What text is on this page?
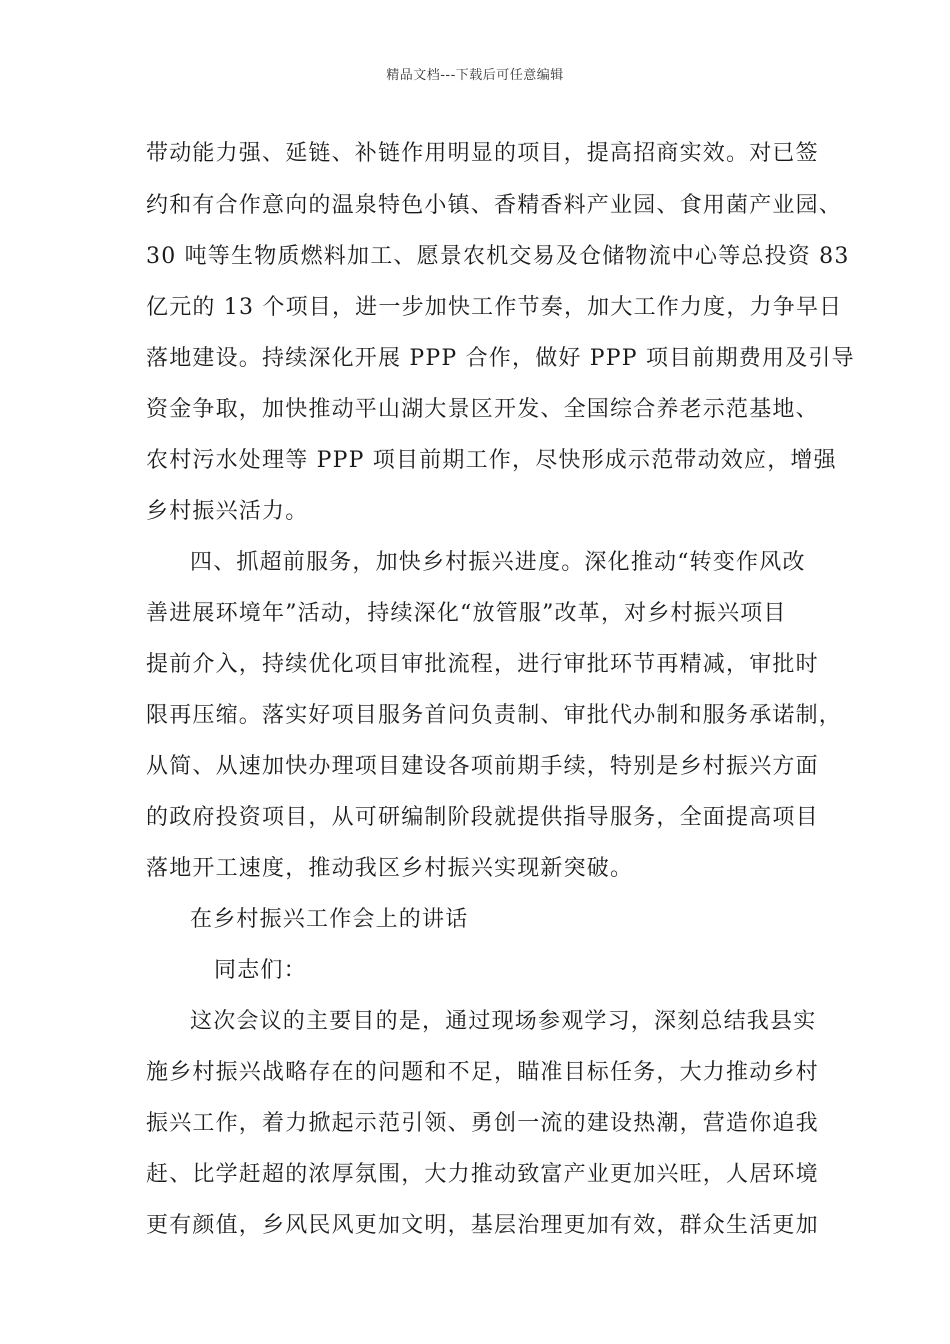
精品文档---下载后可任意编辑
带动能力强、延链、补链作用明显的项目，提高招商实效。对已签
约和有合作意向的温泉特色小镇、香精香料产业园、食用菌产业园、
30 吨等生物质燃料加工、愿景农机交易及仓储物流中心等总投资 83
亿元的 13 个项目，进一步加快工作节奏，加大工作力度，力争早日
落地建设。持续深化开展 PPP 合作，做好 PPP 项目前期费用及引导
资金争取，加快推动平山湖大景区开发、全国综合养老示范基地、
农村污水处理等 PPP 项目前期工作，尽快形成示范带动效应，增强
乡村振兴活力。
四、抓超前服务，加快乡村振兴进度。深化推动“转变作风改
善进展环境年”活动，持续深化“放管服”改革，对乡村振兴项目
提前介入，持续优化项目审批流程，进行审批环节再精减，审批时
限再压缩。落实好项目服务首问负责制、审批代办制和服务承诺制，
从简、从速加快办理项目建设各项前期手续，特别是乡村振兴方面
的政府投资项目，从可研编制阶段就提供指导服务，全面提高项目
落地开工速度，推动我区乡村振兴实现新突破。
在乡村振兴工作会上的讲话
同志们：
这次会议的主要目的是，通过现场参观学习，深刻总结我县实
施乡村振兴战略存在的问题和不足，瞄准目标任务，大力推动乡村
振兴工作，着力掀起示范引领、勇创一流的建设热潮，营造你追我
赶、比学赶超的浓厚氛围，大力推动致富产业更加兴旺，人居环境
更有颜值，乡风民风更加文明，基层治理更加有效，群众生活更加
